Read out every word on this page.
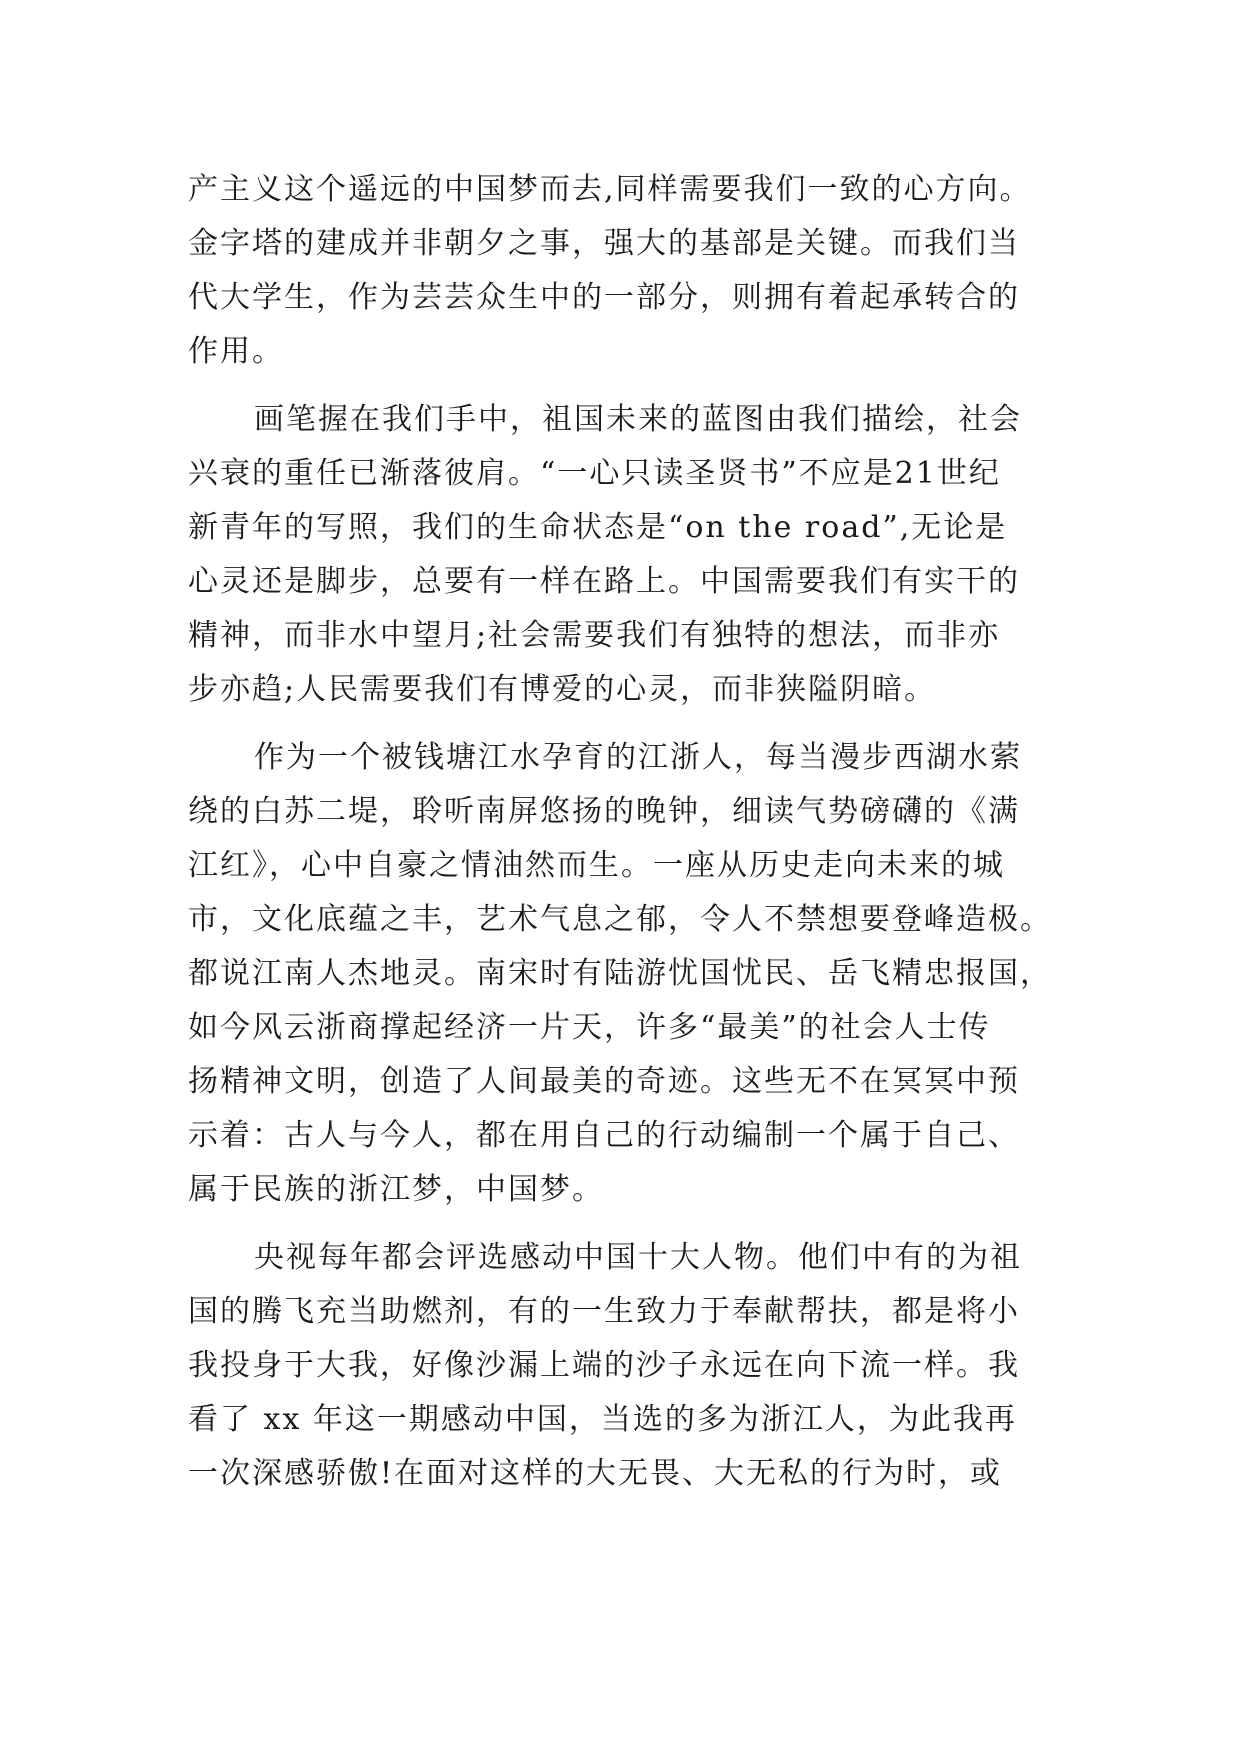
产主义这个遥远的中国梦而去,同样需要我们一致的心方向。
金字塔的建成并非朝夕之事，强大的基部是关键。而我们当
代大学生，作为芸芸众生中的一部分，则拥有着起承转合的
作用。
画笔握在我们手中，祖国未来的蓝图由我们描绘，社会
兴衰的重任已渐落彼肩。“一心只读圣贤书”不应是21世纪
新青年的写照，我们的生命状态是“on the road”,无论是
心灵还是脚步，总要有一样在路上。中国需要我们有实干的
精神，而非水中望月;社会需要我们有独特的想法，而非亦
步亦趋;人民需要我们有博爱的心灵，而非狭隘阴暗。
作为一个被钱塘江水孕育的江浙人，每当漫步西湖水萦
绕的白苏二堤，聆听南屏悠扬的晚钟，细读气势磅礴的《满
江红》，心中自豪之情油然而生。一座从历史走向未来的城
市，文化底蕴之丰，艺术气息之郁，令人不禁想要登峰造极。
都说江南人杰地灵。南宋时有陆游忧国忧民、岳飞精忠报国，
如今风云浙商撑起经济一片天，许多“最美”的社会人士传
扬精神文明，创造了人间最美的奇迹。这些无不在冥冥中预
示着：古人与今人，都在用自己的行动编制一个属于自己、
属于民族的浙江梦，中国梦。
央视每年都会评选感动中国十大人物。他们中有的为祖
国的腾飞充当助燃剂，有的一生致力于奉献帮扶，都是将小
我投身于大我，好像沙漏上端的沙子永远在向下流一样。我
看了 xx 年这一期感动中国，当选的多为浙江人，为此我再
一次深感骄傲!在面对这样的大无畏、大无私的行为时，或
